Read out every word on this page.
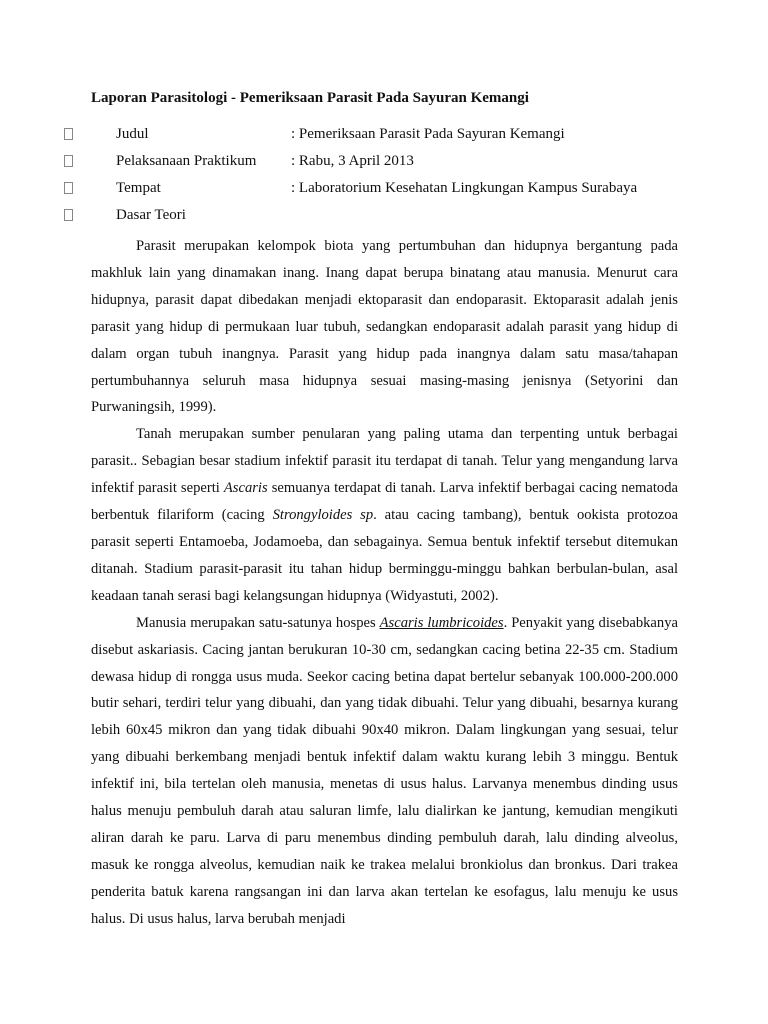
Laporan Parasitologi - Pemeriksaan Parasit Pada Sayuran Kemangi
Judul	: Pemeriksaan Parasit Pada Sayuran Kemangi
Pelaksanaan Praktikum : Rabu, 3 April 2013
Tempat	: Laboratorium Kesehatan Lingkungan Kampus Surabaya
Dasar Teori

Parasit merupakan kelompok biota yang pertumbuhan dan hidupnya bergantung pada makhluk lain yang dinamakan inang. Inang dapat berupa binatang atau manusia. Menurut cara hidupnya, parasit dapat dibedakan menjadi ektoparasit dan endoparasit. Ektoparasit adalah jenis parasit yang hidup di permukaan luar tubuh, sedangkan endoparasit adalah parasit yang hidup di dalam organ tubuh inangnya. Parasit yang hidup pada inangnya dalam satu masa/tahapan pertumbuhannya seluruh masa hidupnya sesuai masing-masing jenisnya (Setyorini dan Purwaningsih, 1999).

Tanah merupakan sumber penularan yang paling utama dan terpenting untuk berbagai parasit.. Sebagian besar stadium infektif parasit itu terdapat di tanah. Telur yang mengandung larva infektif parasit seperti Ascaris semuanya terdapat di tanah. Larva infektif berbagai cacing nematoda berbentuk filariform (cacing Strongyloides sp. atau cacing tambang), bentuk ookista protozoa parasit seperti Entamoeba, Jodamoeba, dan sebagainya. Semua bentuk infektif tersebut ditemukan ditanah. Stadium parasit-parasit itu tahan hidup berminggu-minggu bahkan berbulan-bulan, asal keadaan tanah serasi bagi kelangsungan hidupnya (Widyastuti, 2002).

Manusia merupakan satu-satunya hospes Ascaris lumbricoides. Penyakit yang disebabkanya disebut askariasis. Cacing jantan berukuran 10-30 cm, sedangkan cacing betina 22-35 cm. Stadium dewasa hidup di rongga usus muda. Seekor cacing betina dapat bertelur sebanyak 100.000-200.000 butir sehari, terdiri telur yang dibuahi, dan yang tidak dibuahi. Telur yang dibuahi, besarnya kurang lebih 60x45 mikron dan yang tidak dibuahi 90x40 mikron. Dalam lingkungan yang sesuai, telur yang dibuahi berkembang menjadi bentuk infektif dalam waktu kurang lebih 3 minggu. Bentuk infektif ini, bila tertelan oleh manusia, menetas di usus halus. Larvanya menembus dinding usus halus menuju pembuluh darah atau saluran limfe, lalu dialirkan ke jantung, kemudian mengikuti aliran darah ke paru. Larva di paru menembus dinding pembuluh darah, lalu dinding alveolus, masuk ke rongga alveolus, kemudian naik ke trakea melalui bronkiolus dan bronkus. Dari trakea penderita batuk karena rangsangan ini dan larva akan tertelan ke esofagus, lalu menuju ke usus halus. Di usus halus, larva berubah menjadi
